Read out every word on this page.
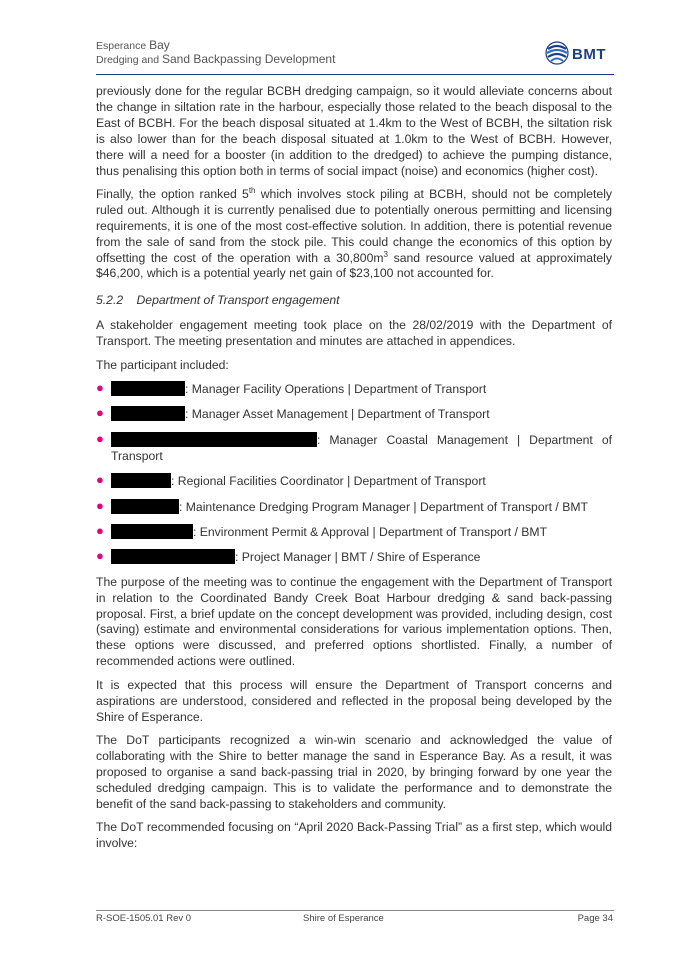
Esperance Bay
Dredging and Sand Backpassing Development	BMT

previously done for the regular BCBH dredging campaign, so it would alleviate concerns about the change in siltation rate in the harbour, especially those related to the beach disposal to the East of BCBH. For the beach disposal situated at 1.4km to the West of BCBH, the siltation risk is also lower than for the beach disposal situated at 1.0km to the West of BCBH. However, there will a need for a booster (in addition to the dredged) to achieve the pumping distance, thus penalising this option both in terms of social impact (noise) and economics (higher cost).

Finally, the option ranked 5th which involves stock piling at BCBH, should not be completely ruled out. Although it is currently penalised due to potentially onerous permitting and licensing requirements, it is one of the most cost-effective solution. In addition, there is potential revenue from the sale of sand from the stock pile. This could change the economics of this option by offsetting the cost of the operation with a $30,800m^3$ sand resource valued at approximately $46,200, which is a potential yearly net gain of $23,100 not accounted for.

5.2.2 Department of Transport engagement

A stakeholder engagement meeting took place on the 28/02/2019 with the Department of Transport. The meeting presentation and minutes are attached in appendices.

The participant included:

●	: Manager Facility Operations | Department of Transport
●	: Manager Asset Management | Department of Transport
●	: Manager Coastal Management | Department of Transport
●	: Regional Facilities Coordinator | Department of Transport
●	: Maintenance Dredging Program Manager | Department of Transport / BMT
●	: Environment Permit & Approval | Department of Transport / BMT
●	: Project Manager | BMT / Shire of Esperance

The purpose of the meeting was to continue the engagement with the Department of Transport in relation to the Coordinated Bandy Creek Boat Harbour dredging & sand back-passing proposal. First, a brief update on the concept development was provided, including design, cost (saving) estimate and environmental considerations for various implementation options. Then, these options were discussed, and preferred options shortlisted. Finally, a number of recommended actions were outlined.

It is expected that this process will ensure the Department of Transport concerns and aspirations are understood, considered and reflected in the proposal being developed by the Shire of Esperance.

The DoT participants recognized a win-win scenario and acknowledged the value of collaborating with the Shire to better manage the sand in Esperance Bay. As a result, it was proposed to organise a sand back-passing trial in 2020, by bringing forward by one year the scheduled dredging campaign. This is to validate the performance and to demonstrate the benefit of the sand back-passing to stakeholders and community.

The DoT recommended focusing on “April 2020 Back-Passing Trial” as a first step, which would involve:

R-SOE-1505.01 Rev 0	Shire of Esperance	Page 34
